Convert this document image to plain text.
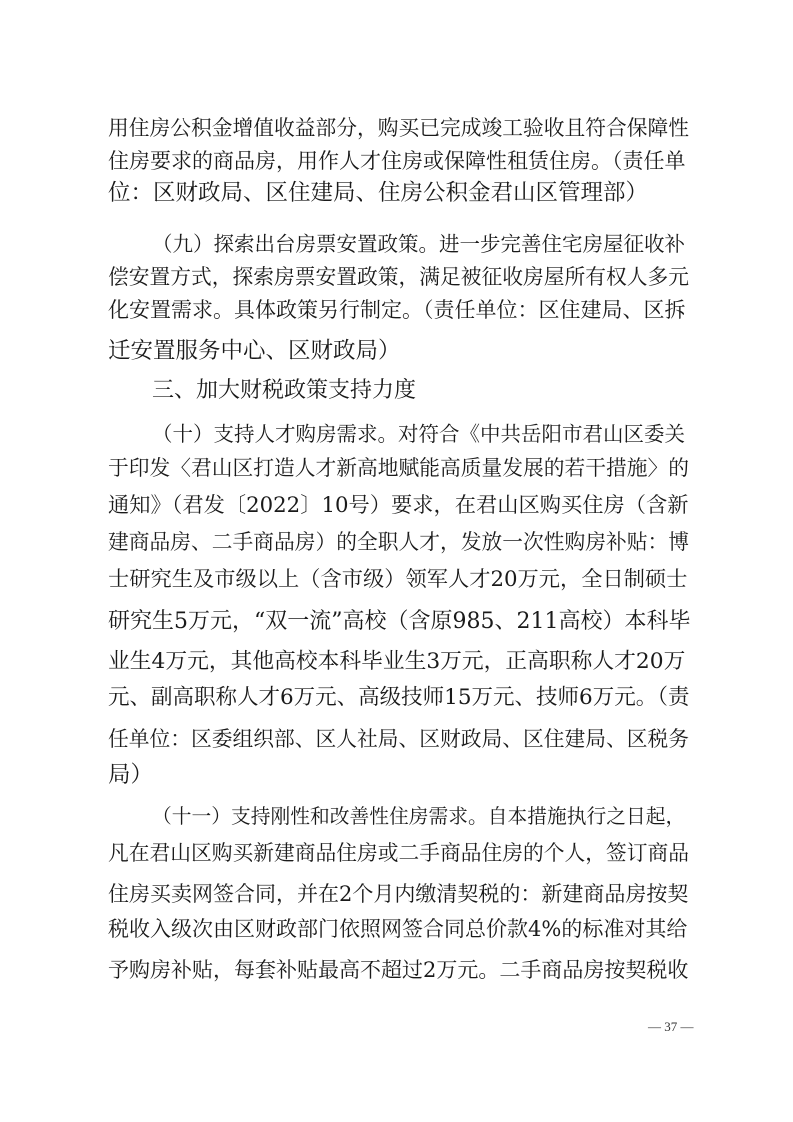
用住房公积金增值收益部分，购买已完成竣工验收且符合保障性
住房要求的商品房，用作人才住房或保障性租赁住房。（责任单
位：区财政局、区住建局、住房公积金君山区管理部）
（九）探索出台房票安置政策。进一步完善住宅房屋征收补
偿安置方式，探索房票安置政策，满足被征收房屋所有权人多元
化安置需求。具体政策另行制定。（责任单位：区住建局、区拆
迁安置服务中心、区财政局）
三、加大财税政策支持力度
（十）支持人才购房需求。对符合《中共岳阳市君山区委关
于印发〈君山区打造人才新高地赋能高质量发展的若干措施〉的
通知》（君发〔2022〕10号）要求，在君山区购买住房（含新
建商品房、二手商品房）的全职人才，发放一次性购房补贴：博
士研究生及市级以上（含市级）领军人才20万元，全日制硕士
研究生5万元，“双一流”高校（含原985、211高校）本科毕
业生4万元，其他高校本科毕业生3万元，正高职称人才20万
元、副高职称人才6万元、高级技师15万元、技师6万元。（责
任单位：区委组织部、区人社局、区财政局、区住建局、区税务
局）
（十一）支持刚性和改善性住房需求。自本措施执行之日起，
凡在君山区购买新建商品住房或二手商品住房的个人，签订商品
住房买卖网签合同，并在2个月内缴清契税的：新建商品房按契
税收入级次由区财政部门依照网签合同总价款4%的标准对其给
予购房补贴，每套补贴最高不超过2万元。二手商品房按契税收
— 37 —
